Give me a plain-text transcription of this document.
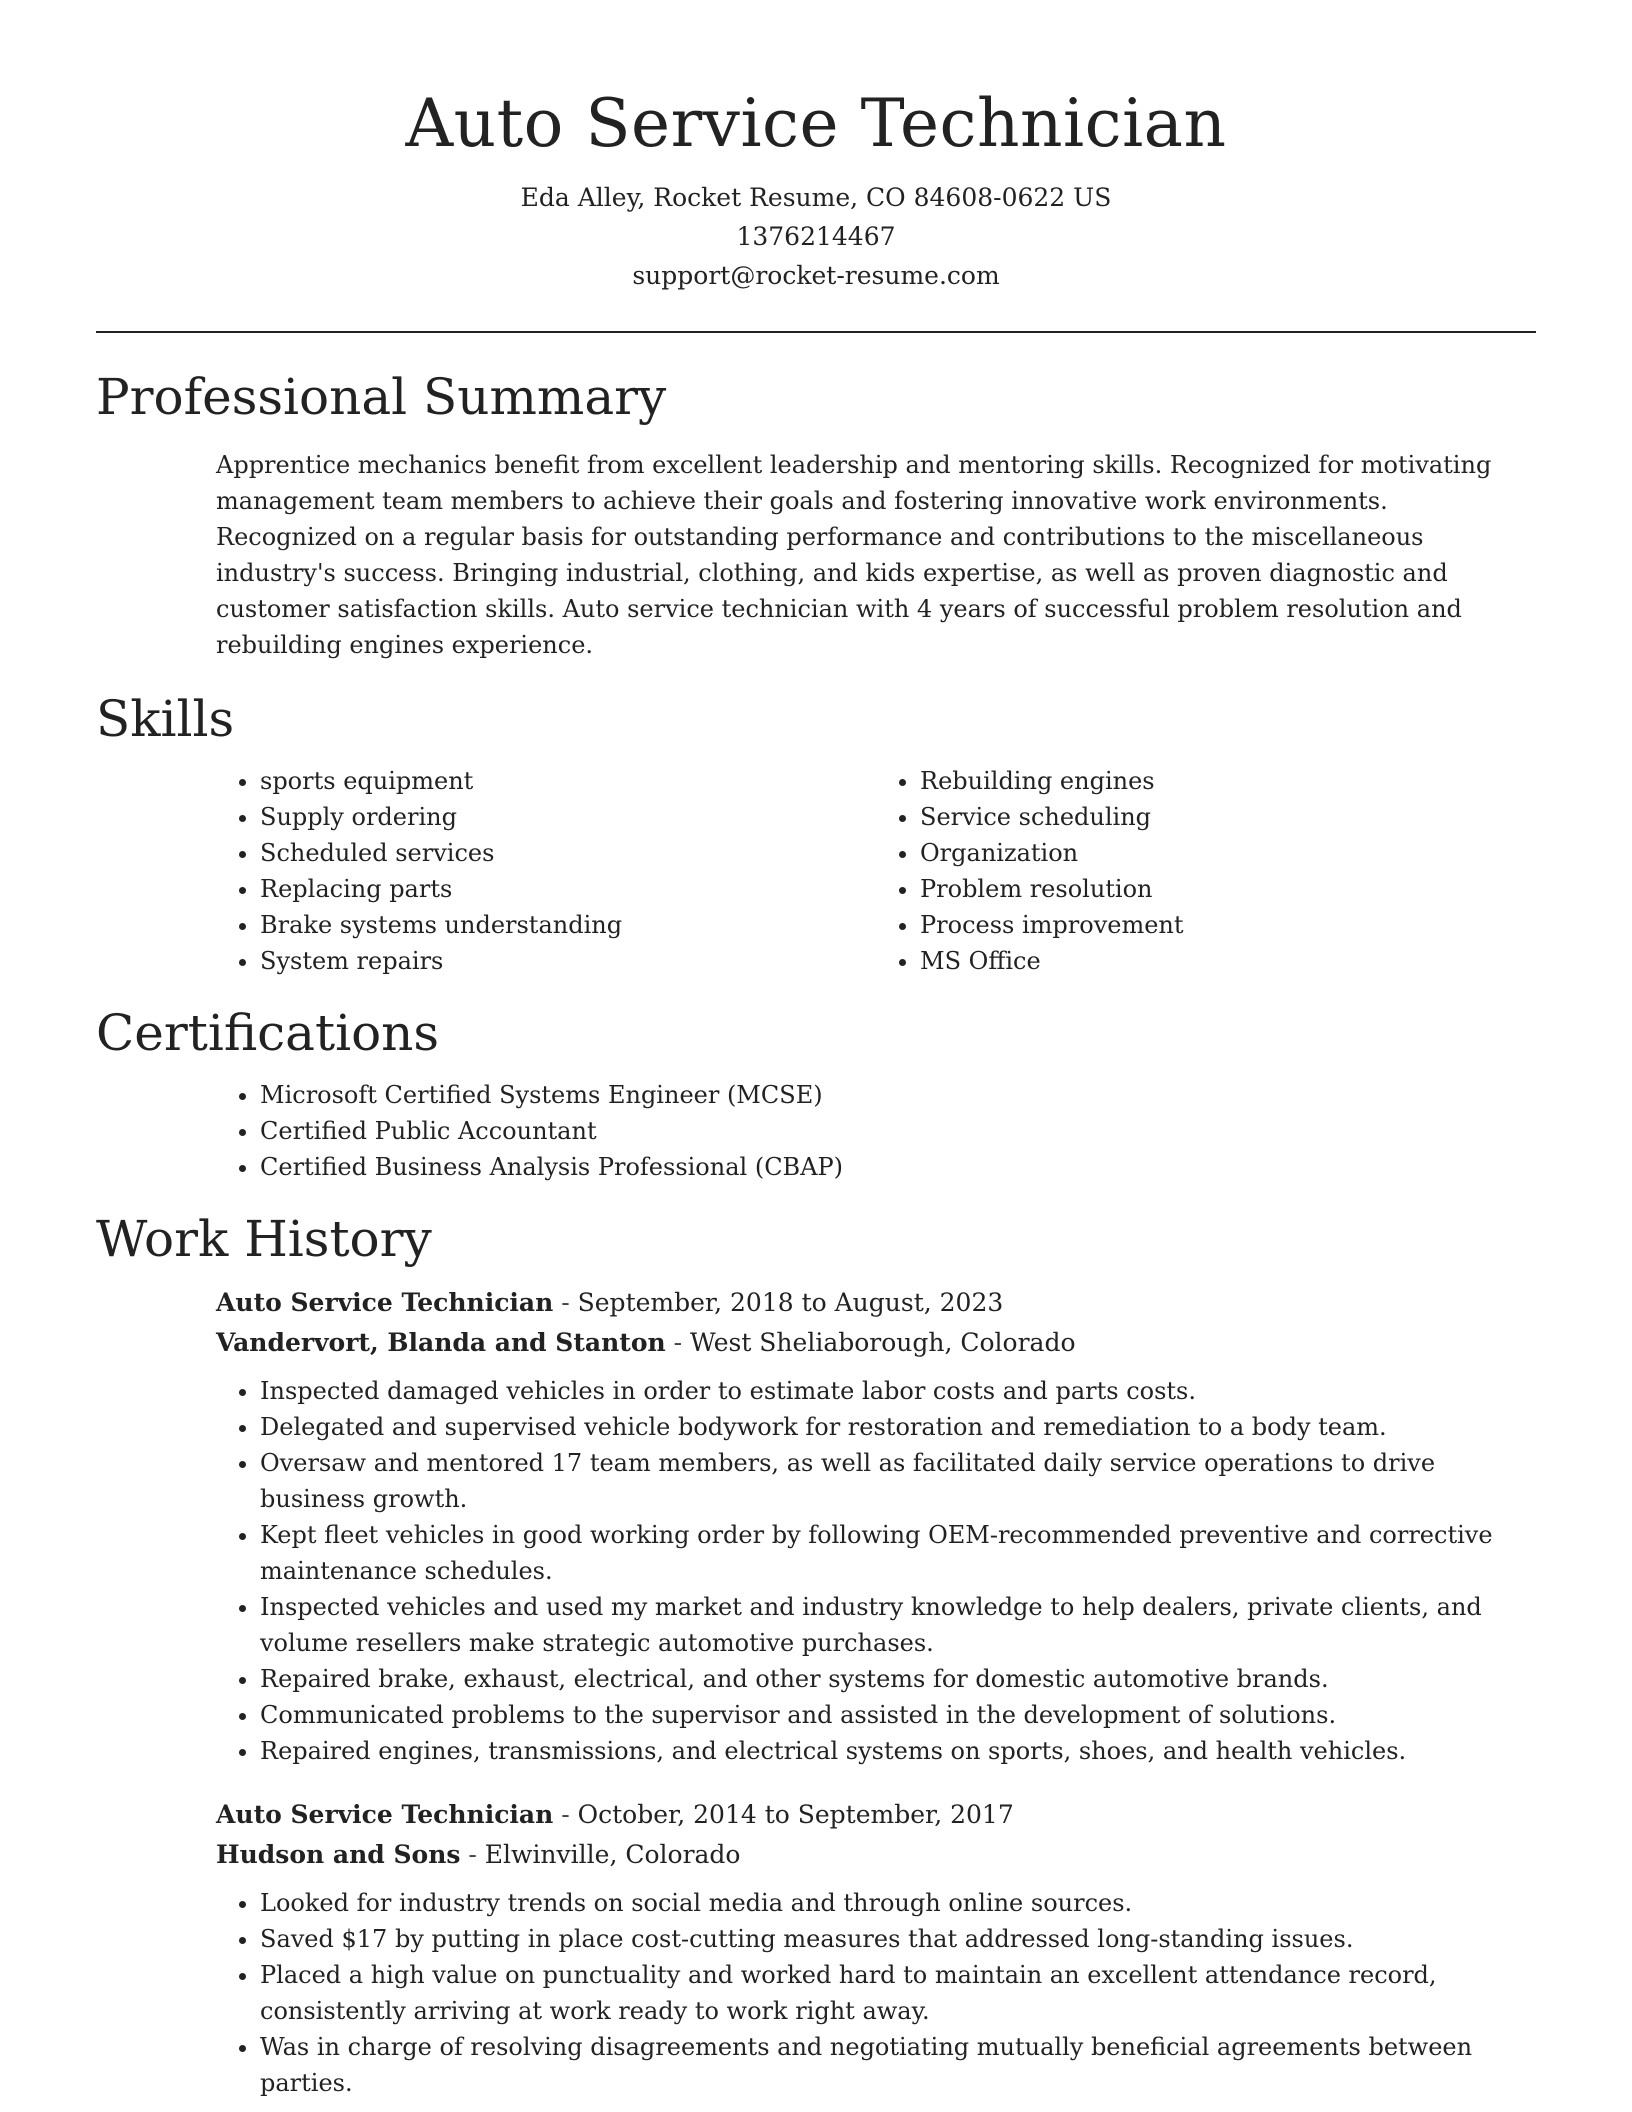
Auto Service Technician
Eda Alley, Rocket Resume, CO 84608-0622 US
1376214467
support@rocket-resume.com
Professional Summary

Apprentice mechanics benefit from excellent leadership and mentoring skills. Recognized for motivating management team members to achieve their goals and fostering innovative work environments. Recognized on a regular basis for outstanding performance and contributions to the miscellaneous industry's success. Bringing industrial, clothing, and kids expertise, as well as proven diagnostic and customer satisfaction skills. Auto service technician with 4 years of successful problem resolution and rebuilding engines experience.

Skills
• sports equipment
• Supply ordering
• Scheduled services
• Replacing parts
• Brake systems understanding
• System repairs
• Rebuilding engines
• Service scheduling
• Organization
• Problem resolution
• Process improvement
• MS Office
Certifications
• Microsoft Certified Systems Engineer (MCSE)
• Certified Public Accountant
• Certified Business Analysis Professional (CBAP)
Work History
Auto Service Technician - September, 2018 to August, 2023
Vandervort, Blanda and Stanton - West Sheliaborough, Colorado
• Inspected damaged vehicles in order to estimate labor costs and parts costs.
• Delegated and supervised vehicle bodywork for restoration and remediation to a body team.
• Oversaw and mentored 17 team members, as well as facilitated daily service operations to drive business growth.
• Kept fleet vehicles in good working order by following OEM-recommended preventive and corrective maintenance schedules.
• Inspected vehicles and used my market and industry knowledge to help dealers, private clients, and volume resellers make strategic automotive purchases.
• Repaired brake, exhaust, electrical, and other systems for domestic automotive brands.
• Communicated problems to the supervisor and assisted in the development of solutions.
• Repaired engines, transmissions, and electrical systems on sports, shoes, and health vehicles.
Auto Service Technician - October, 2014 to September, 2017
Hudson and Sons - Elwinville, Colorado
• Looked for industry trends on social media and through online sources.
• Saved $17 by putting in place cost-cutting measures that addressed long-standing issues.
• Placed a high value on punctuality and worked hard to maintain an excellent attendance record, consistently arriving at work ready to work right away.
• Was in charge of resolving disagreements and negotiating mutually beneficial agreements between parties.
